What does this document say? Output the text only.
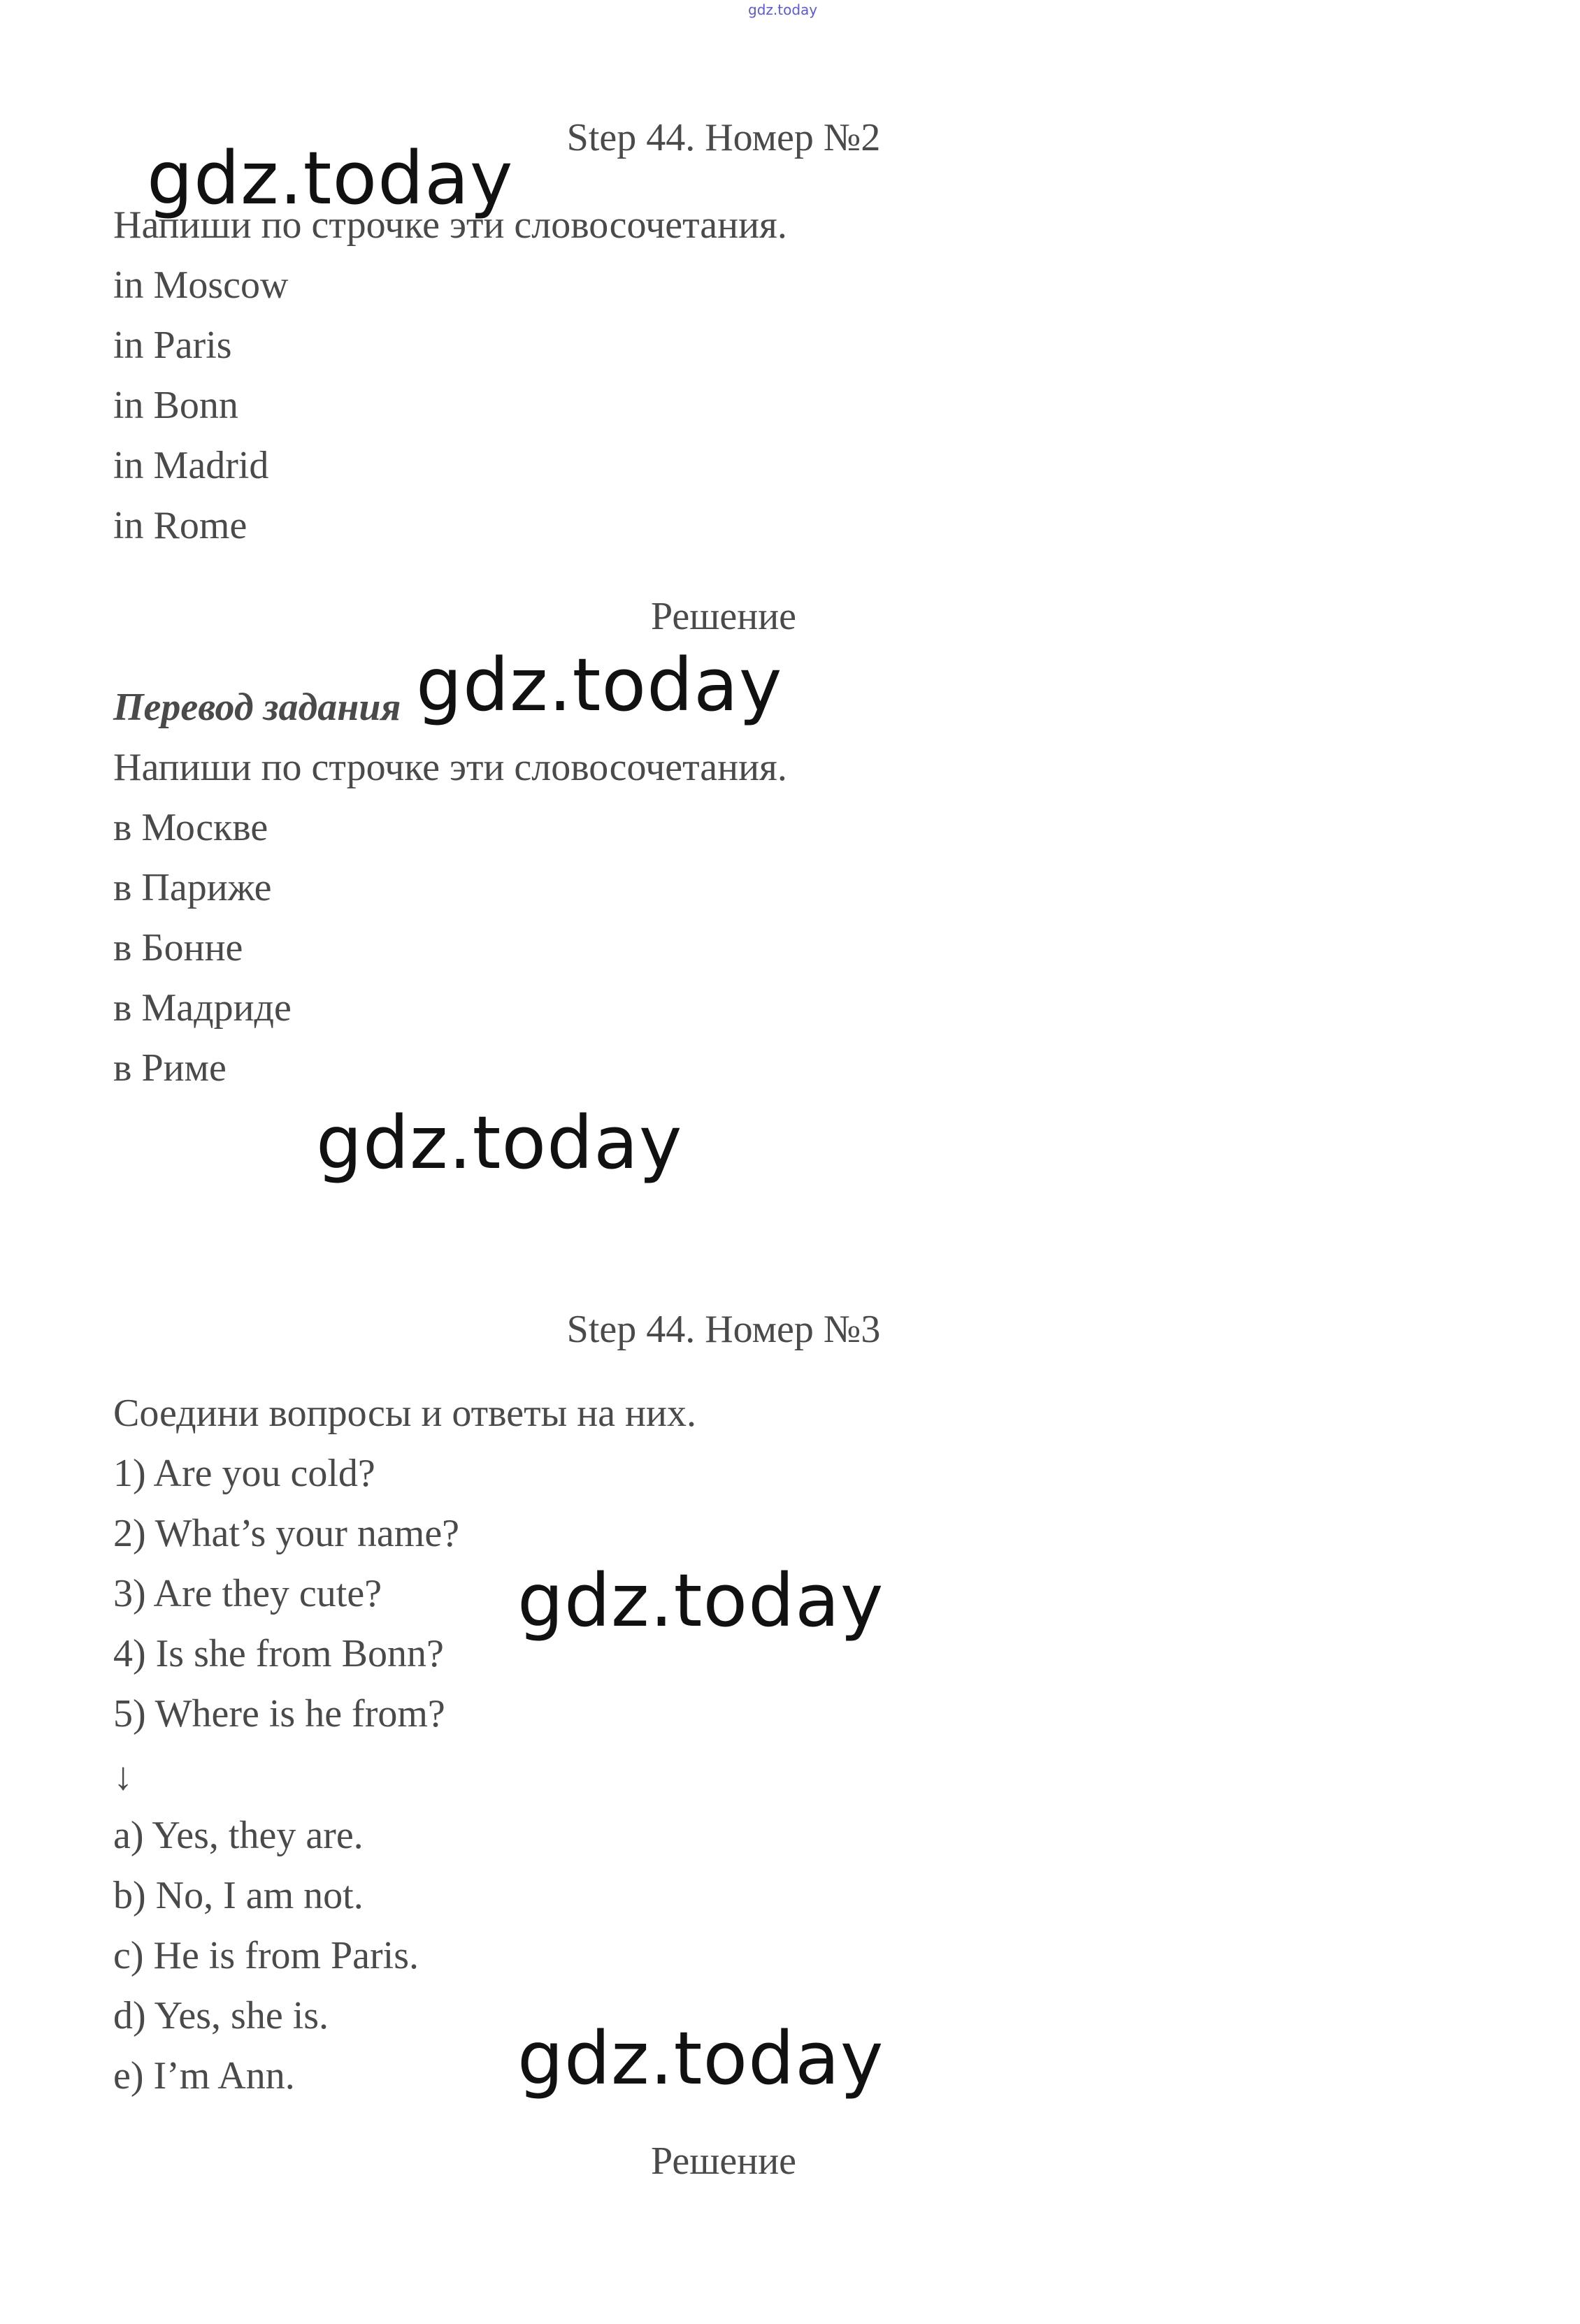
gdz.today
Step 44. Номер №2
Напиши по строчке эти словосочетания.
in Moscow
in Paris
in Bonn
in Madrid
in Rome
Решение
Перевод задания
Напиши по строчке эти словосочетания.
в Москве
в Париже
в Бонне
в Мадриде
в Риме
Step 44. Номер №3
Соедини вопросы и ответы на них.
1) Are you cold?
2) What’s your name?
3) Are they cute?
4) Is she from Bonn?
5) Where is he from?
↓
a) Yes, they are.
b) No, I am not.
c) He is from Paris.
d) Yes, she is.
e) I’m Ann.
Решение
gdz.today
gdz.today
gdz.today
gdz.today
gdz.today
